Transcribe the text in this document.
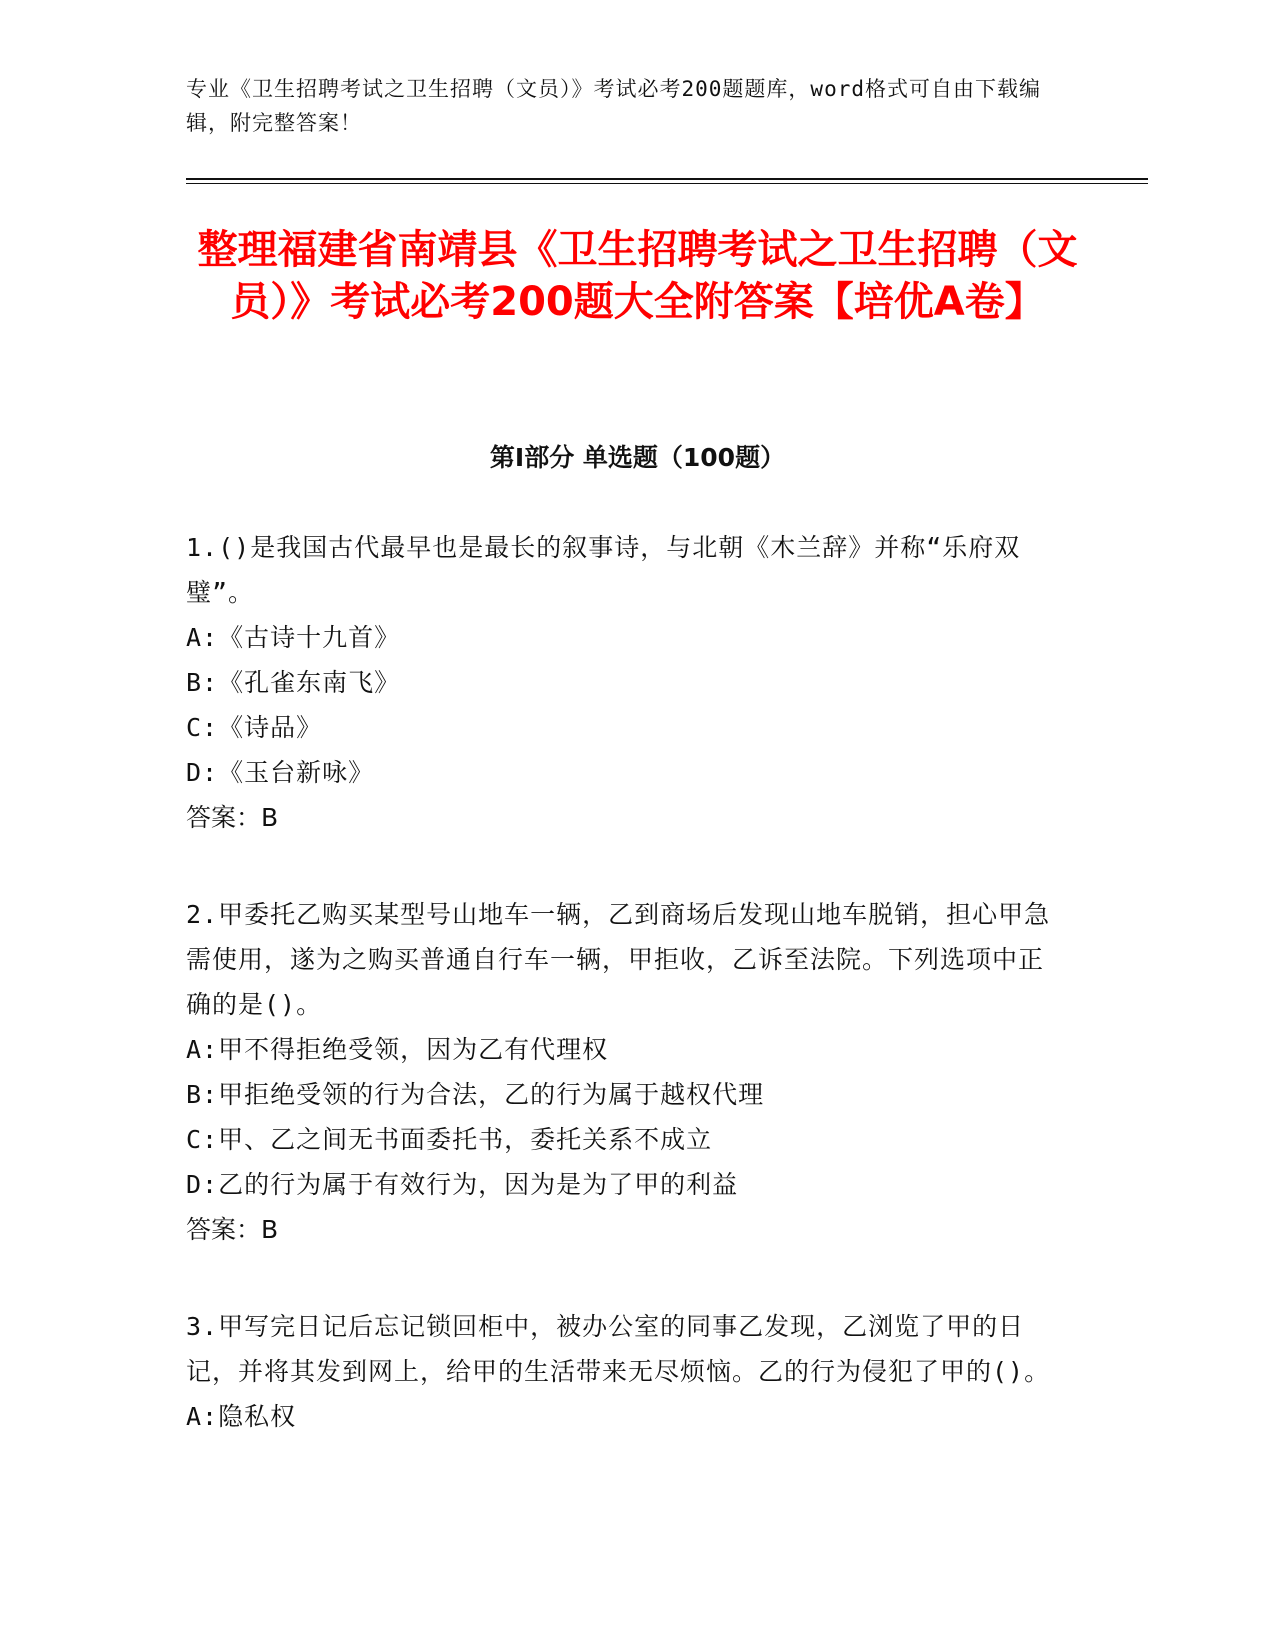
专业《卫生招聘考试之卫生招聘（文员）》考试必考200题题库，word格式可自由下载编辑，附完整答案！
整理福建省南靖县《卫生招聘考试之卫生招聘（文员）》考试必考200题大全附答案【培优A卷】
第Ⅰ部分 单选题（100题）
1.()是我国古代最早也是最长的叙事诗，与北朝《木兰辞》并称“乐府双璧”。
A:《古诗十九首》
B:《孔雀东南飞》
C:《诗品》
D:《玉台新咏》
答案：B
2.甲委托乙购买某型号山地车一辆，乙到商场后发现山地车脱销，担心甲急需使用，遂为之购买普通自行车一辆，甲拒收，乙诉至法院。下列选项中正确的是()。
A:甲不得拒绝受领，因为乙有代理权
B:甲拒绝受领的行为合法，乙的行为属于越权代理
C:甲、乙之间无书面委托书，委托关系不成立
D:乙的行为属于有效行为，因为是为了甲的利益
答案：B
3.甲写完日记后忘记锁回柜中，被办公室的同事乙发现，乙浏览了甲的日记，并将其发到网上，给甲的生活带来无尽烦恼。乙的行为侵犯了甲的()。
A:隐私权
